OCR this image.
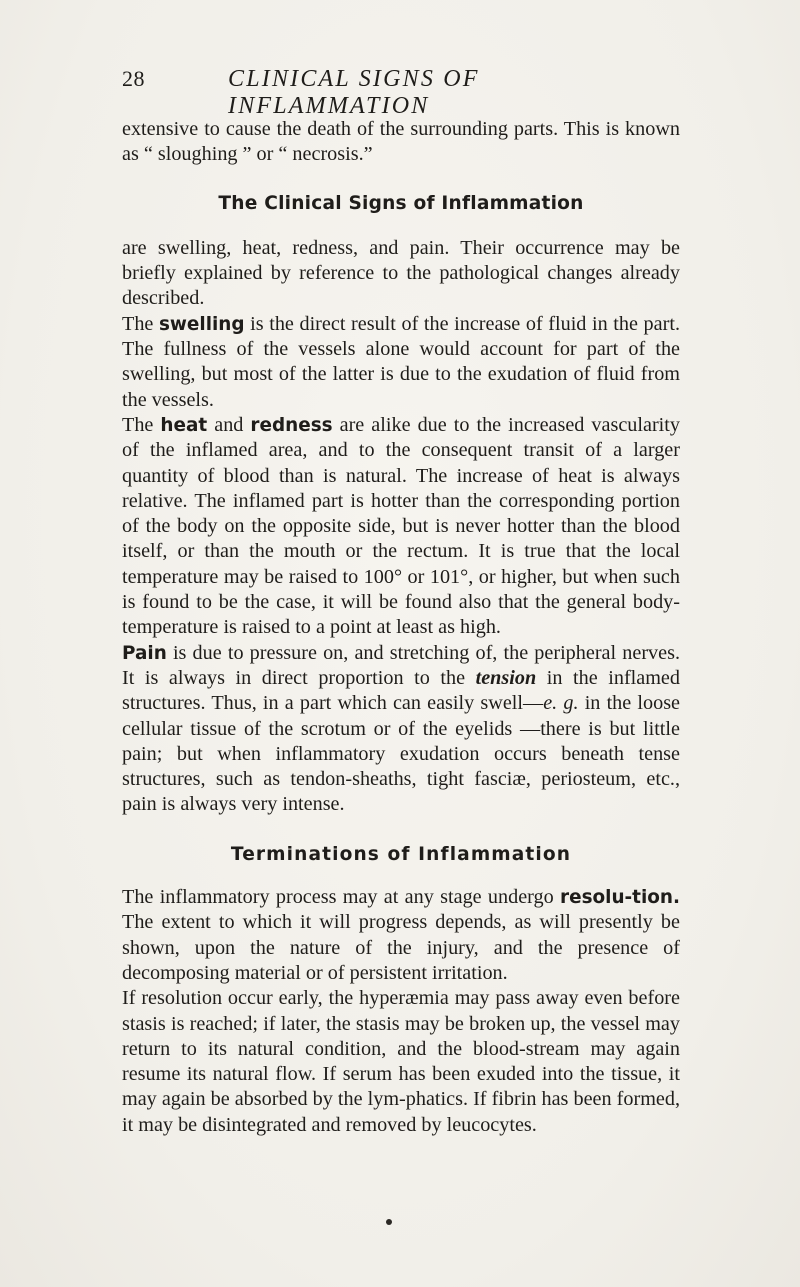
28	CLINICAL SIGNS OF INFLAMMATION

extensive to cause the death of the surrounding parts. This is known as “ sloughing ” or “ necrosis.”

The Clinical Signs of Inflammation

are swelling, heat, redness, and pain. Their occurrence may be briefly explained by reference to the pathological changes already described.

The swelling is the direct result of the increase of fluid in the part. The fullness of the vessels alone would account for part of the swelling, but most of the latter is due to the exudation of fluid from the vessels.

The heat and redness are alike due to the increased vascularity of the inflamed area, and to the consequent transit of a larger quantity of blood than is natural. The increase of heat is always relative. The inflamed part is hotter than the corresponding portion of the body on the opposite side, but is never hotter than the blood itself, or than the mouth or the rectum. It is true that the local temperature may be raised to 100° or 101°, or higher, but when such is found to be the case, it will be found also that the general body-temperature is raised to a point at least as high.

Pain is due to pressure on, and stretching of, the peripheral nerves. It is always in direct proportion to the tension in the inflamed structures. Thus, in a part which can easily swell—e. g. in the loose cellular tissue of the scrotum or of the eyelids —there is but little pain; but when inflammatory exudation occurs beneath tense structures, such as tendon-sheaths, tight fasciæ, periosteum, etc., pain is always very intense.

Terminations of Inflammation

The inflammatory process may at any stage undergo resolu-tion. The extent to which it will progress depends, as will presently be shown, upon the nature of the injury, and the presence of decomposing material or of persistent irritation.

If resolution occur early, the hyperæmia may pass away even before stasis is reached; if later, the stasis may be broken up, the vessel may return to its natural condition, and the blood-stream may again resume its natural flow. If serum has been exuded into the tissue, it may again be absorbed by the lym-phatics. If fibrin has been formed, it may be disintegrated and removed by leucocytes.
